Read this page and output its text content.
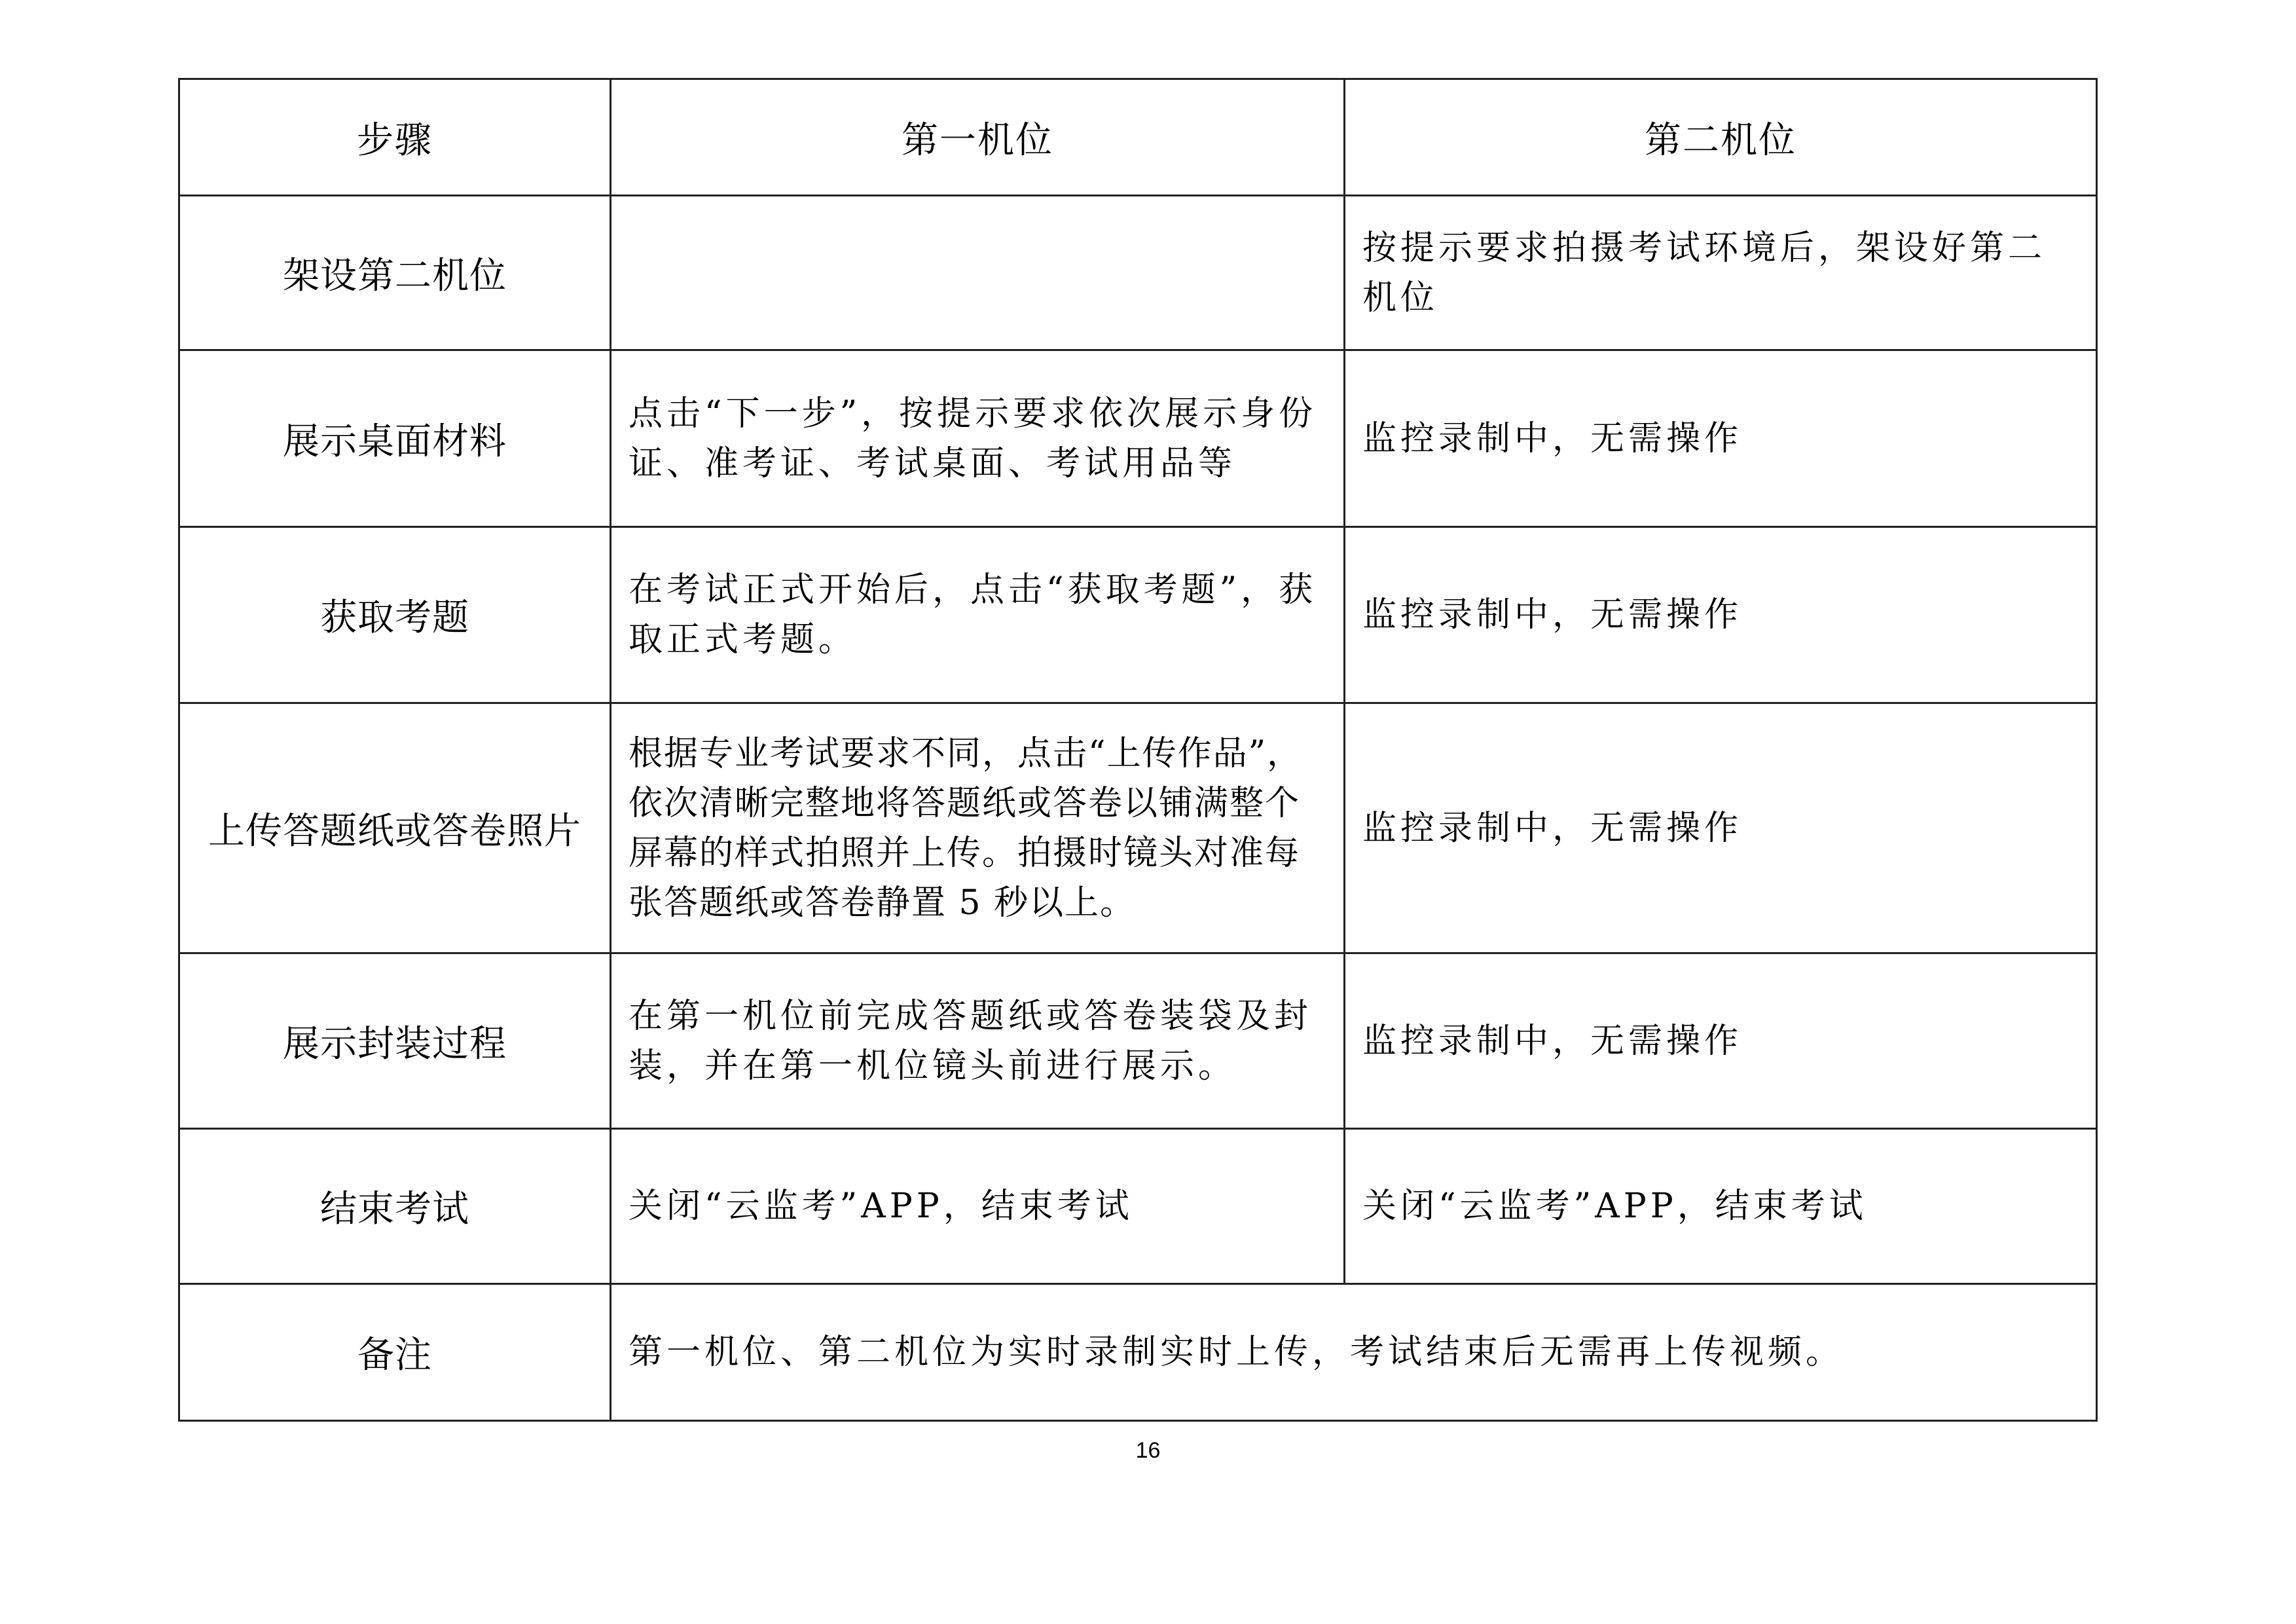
步骤	第一机位	第二机位
架设第二机位		按提示要求拍摄考试环境后，架设好第二机位
展示桌面材料	点击“下一步”，按提示要求依次展示身份证、准考证、考试桌面、考试用品等	监控录制中，无需操作
获取考题	在考试正式开始后，点击“获取考题”，获取正式考题。	监控录制中，无需操作
上传答题纸或答卷照片	根据专业考试要求不同，点击“上传作品”，依次清晰完整地将答题纸或答卷以铺满整个屏幕的样式拍照并上传。拍摄时镜头对准每张答题纸或答卷静置 5 秒以上。	监控录制中，无需操作
展示封装过程	在第一机位前完成答题纸或答卷装袋及封装，并在第一机位镜头前进行展示。	监控录制中，无需操作
结束考试	关闭“云监考”APP，结束考试	关闭“云监考”APP，结束考试
备注	第一机位、第二机位为实时录制实时上传，考试结束后无需再上传视频。	
16
